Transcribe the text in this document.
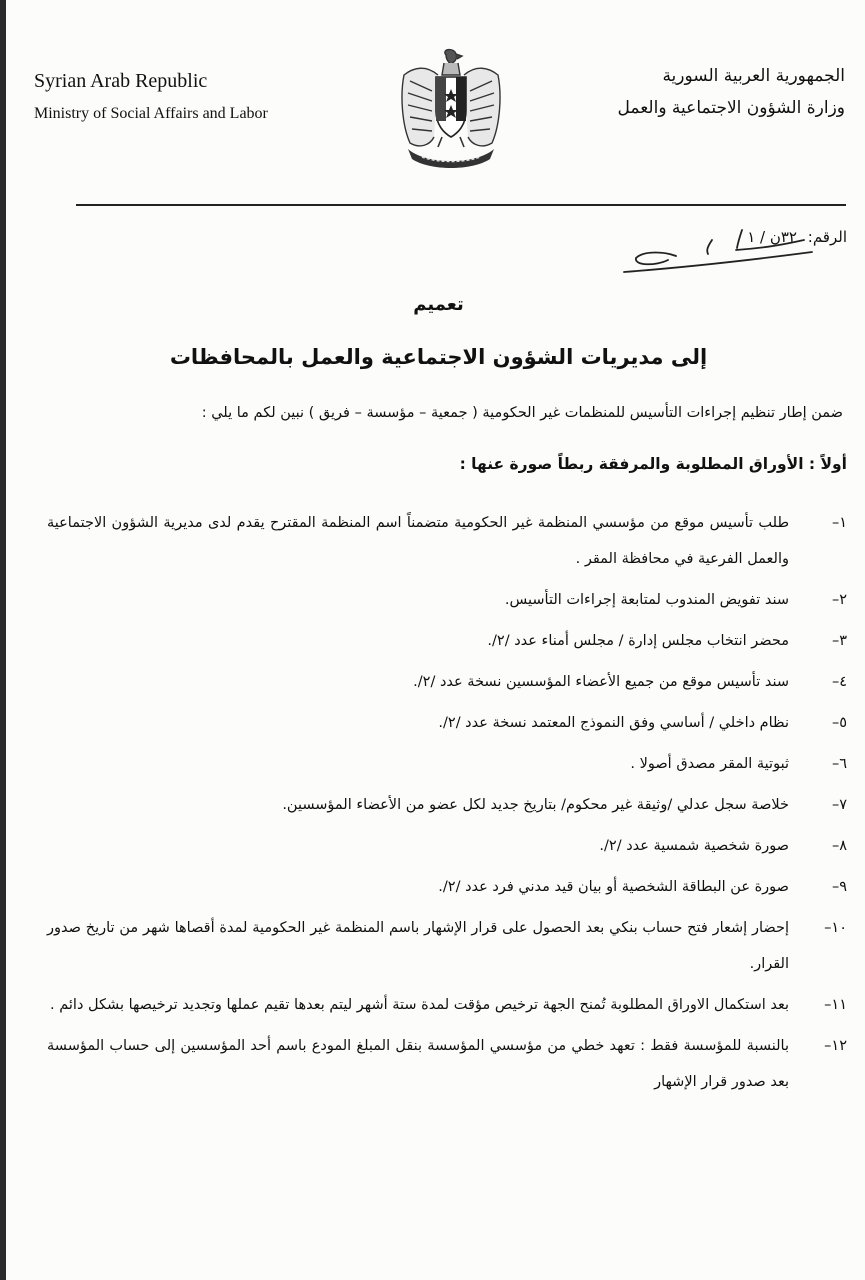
Syrian Arab Republic
Ministry of Social Affairs and Labor
الجمهورية العربية السورية
وزارة الشؤون الاجتماعية والعمل
الرقم: ٣٢ن / ١
تعميم
إلى مديريات الشؤون الاجتماعية والعمل بالمحافظات
ضمن إطار تنظيم إجراءات التأسيس للمنظمات غير الحكومية ( جمعية – مؤسسة – فريق ) نبين لكم ما يلي :
أولاً : الأوراق المطلوبة والمرفقة ربطاً صورة عنها :
١–
طلب تأسيس موقع من مؤسسي المنظمة غير الحكومية متضمناً اسم المنظمة المقترح يقدم لدى مديرية الشؤون الاجتماعية والعمل الفرعية في محافظة المقر .
٢–
سند تفويض المندوب لمتابعة إجراءات التأسيس.
٣–
محضر انتخاب مجلس إدارة / مجلس أمناء عدد /٢/.
٤–
سند تأسيس موقع من جميع الأعضاء المؤسسين نسخة عدد /٢/.
٥–
نظام داخلي / أساسي وفق النموذج المعتمد نسخة عدد /٢/.
٦–
ثبوتية المقر مصدق أصولا .
٧–
خلاصة سجل عدلي /وثيقة غير محكوم/ بتاريخ جديد لكل عضو من الأعضاء المؤسسين.
٨–
صورة شخصية شمسية عدد /٢/.
٩–
صورة عن البطاقة الشخصية أو بيان قيد مدني فرد عدد /٢/.
١٠–
إحضار إشعار فتح حساب بنكي بعد الحصول على قرار الإشهار باسم المنظمة غير الحكومية لمدة أقصاها شهر من تاريخ صدور القرار.
١١–
بعد استكمال الاوراق المطلوبة تُمنح الجهة ترخيص مؤقت لمدة ستة أشهر ليتم بعدها تقيم عملها وتجديد ترخيصها بشكل دائم .
١٢–
بالنسبة للمؤسسة فقط : تعهد خطي من مؤسسي المؤسسة بنقل المبلغ المودع باسم أحد المؤسسين إلى حساب المؤسسة بعد صدور قرار الإشهار
